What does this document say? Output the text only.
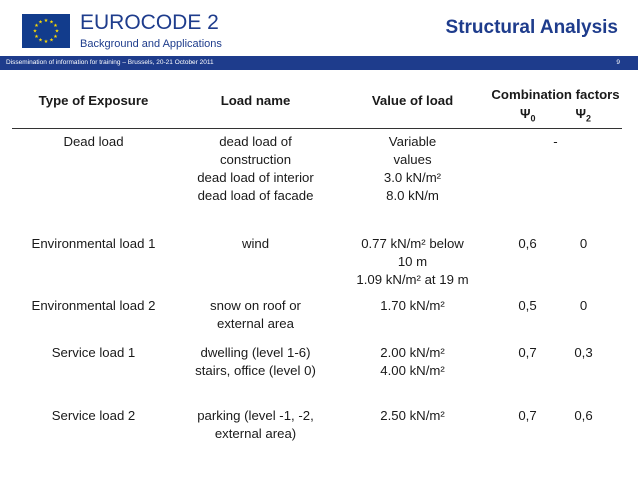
★ ★
★
★
★
★
★
★
★
★
★
★ EUROCODE 2
Background and Applications
Structural Analysis
Dissemination of information for training – Brussels, 20-21 October 2011	9
Type of Exposure	Load name	Value of load	Combination factors
$\Psi_0$ $\Psi_2$

Dead load	dead load of
construction
dead load of interior
dead load of facade	Variable
values
3.0 kN/m²
8.0 kN/m	-
Environmental load 1	wind	0.77 kN/m² below
10 m
1.09 kN/m² at 19 m	0,6 0

Environmental load 2	snow on roof or
external area	1.70 kN/m²	0,5 0

Service load 1	dwelling (level 1-6)
stairs, office (level 0)	2.00 kN/m²
4.00 kN/m²	0,7 0,3

Service load 2	parking (level -1, -2,
external area)	2.50 kN/m²	0,7 0,6
